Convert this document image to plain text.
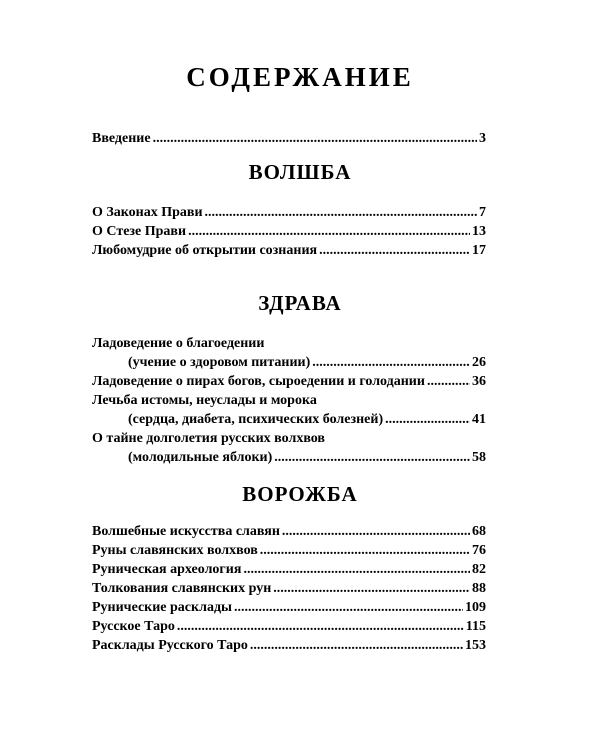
СОДЕРЖАНИЕ
Введение .....	3
ВОЛШБА
О Законах Прави .....	7
О Стезе Прави .....	13
Любомудрие об открытии сознания .....	17
ЗДРАВА
Ладоведение о благоедении
(учение о здоровом питании) .....	26
Ладоведение о пирах богов, сыроедении и голодании .....	36
Лечьба истомы, неуслады и морока
(сердца, диабета, психических болезней) .....	41
О тайне долголетия русских волхвов
(молодильные яблоки) .....	58
ВОРОЖБА
Волшебные искусства славян .....	68
Руны славянских волхвов .....	76
Руническая археология .....	82
Толкования славянских рун .....	88
Рунические расклады .....	109
Русское Таро .....	115
Расклады Русского Таро .....	153
